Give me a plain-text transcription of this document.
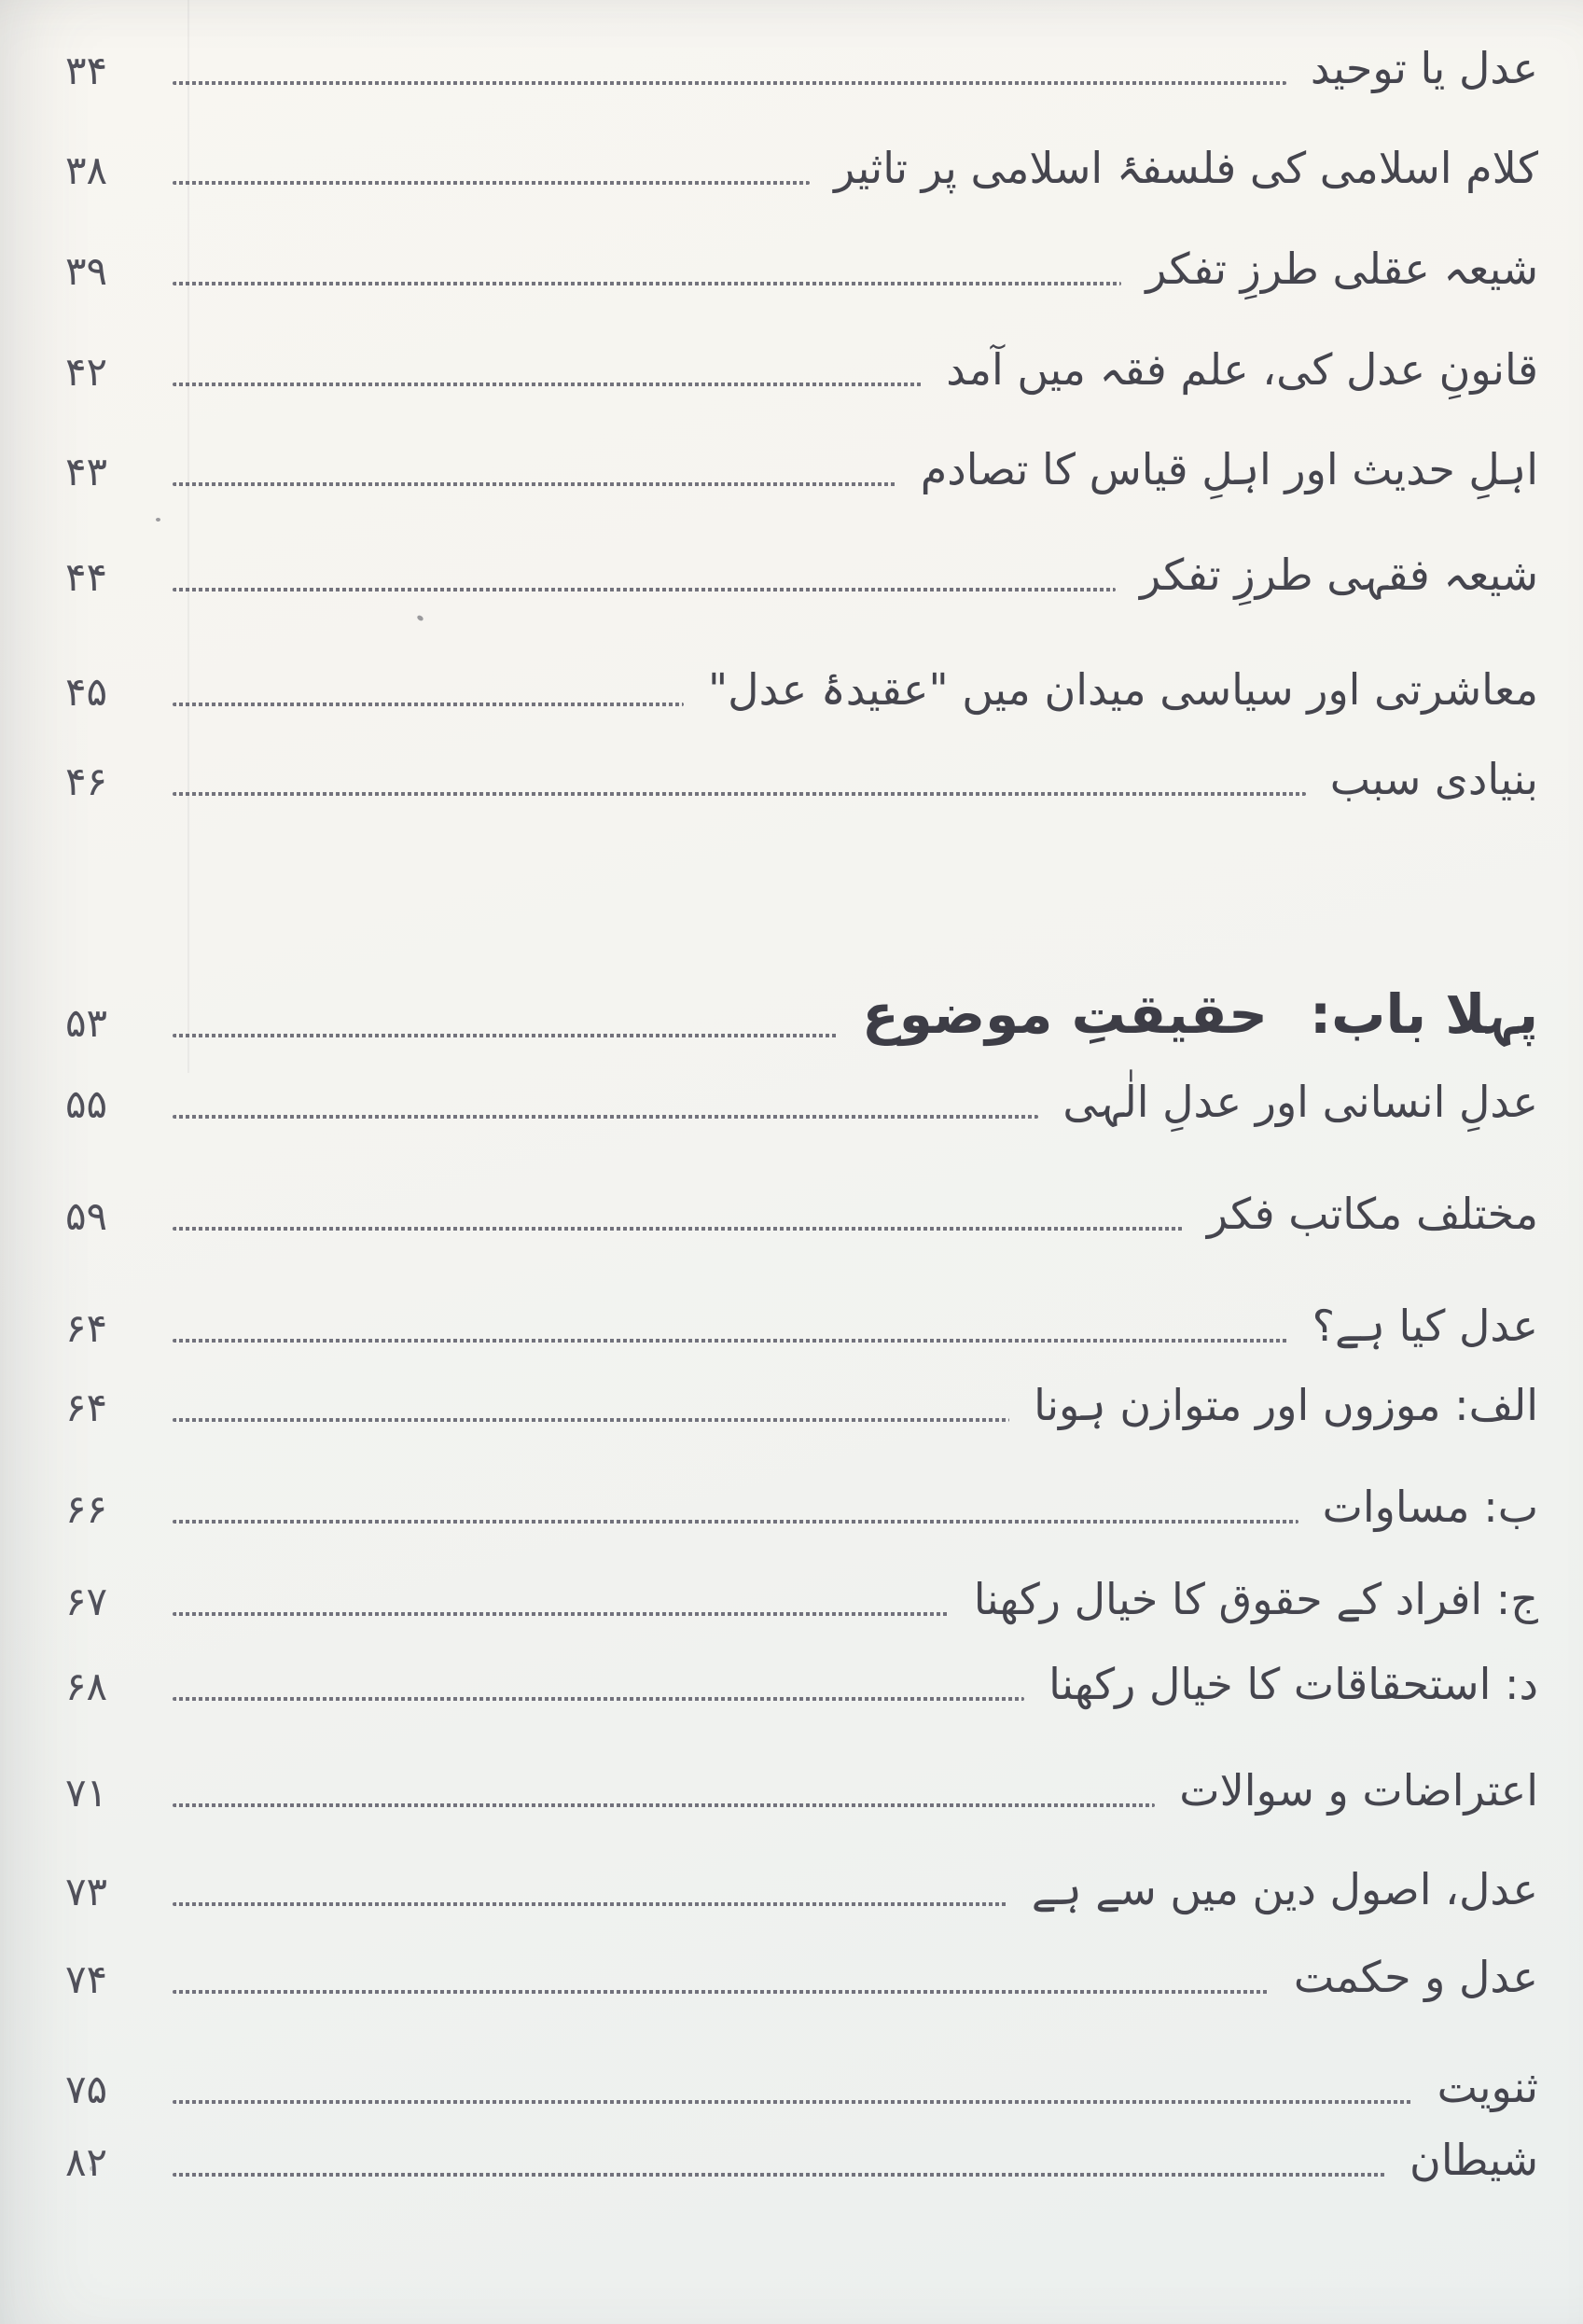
عدل یا توحید
۳۴
کلام اسلامی کی فلسفۂ اسلامی پر تاثیر
۳۸
شیعہ عقلی طرزِ تفکر
۳۹
قانونِ عدل کی، علم فقہ میں آمد
۴۲
اہلِ حدیث اور اہلِ قیاس کا تصادم
۴۳
شیعہ فقہی طرزِ تفکر
۴۴
معاشرتی اور سیاسی میدان میں "عقیدۂ عدل"
۴۵
بنیادی سبب
۴۶
پہلا باب:حقیقتِ موضوع
۵۳
عدلِ انسانی اور عدلِ الٰہی
۵۵
مختلف مکاتب فکر
۵۹
عدل کیا ہے؟
۶۴
الف: موزوں اور متوازن ہونا
۶۴
ب: مساوات
۶۶
ج: افراد کے حقوق کا خیال رکھنا
۶۷
د: استحقاقات کا خیال رکھنا
۶۸
اعتراضات و سوالات
۷۱
عدل، اصول دین میں سے ہے
۷۳
عدل و حکمت
۷۴
ثنویت
۷۵
شیطان
۸۲
